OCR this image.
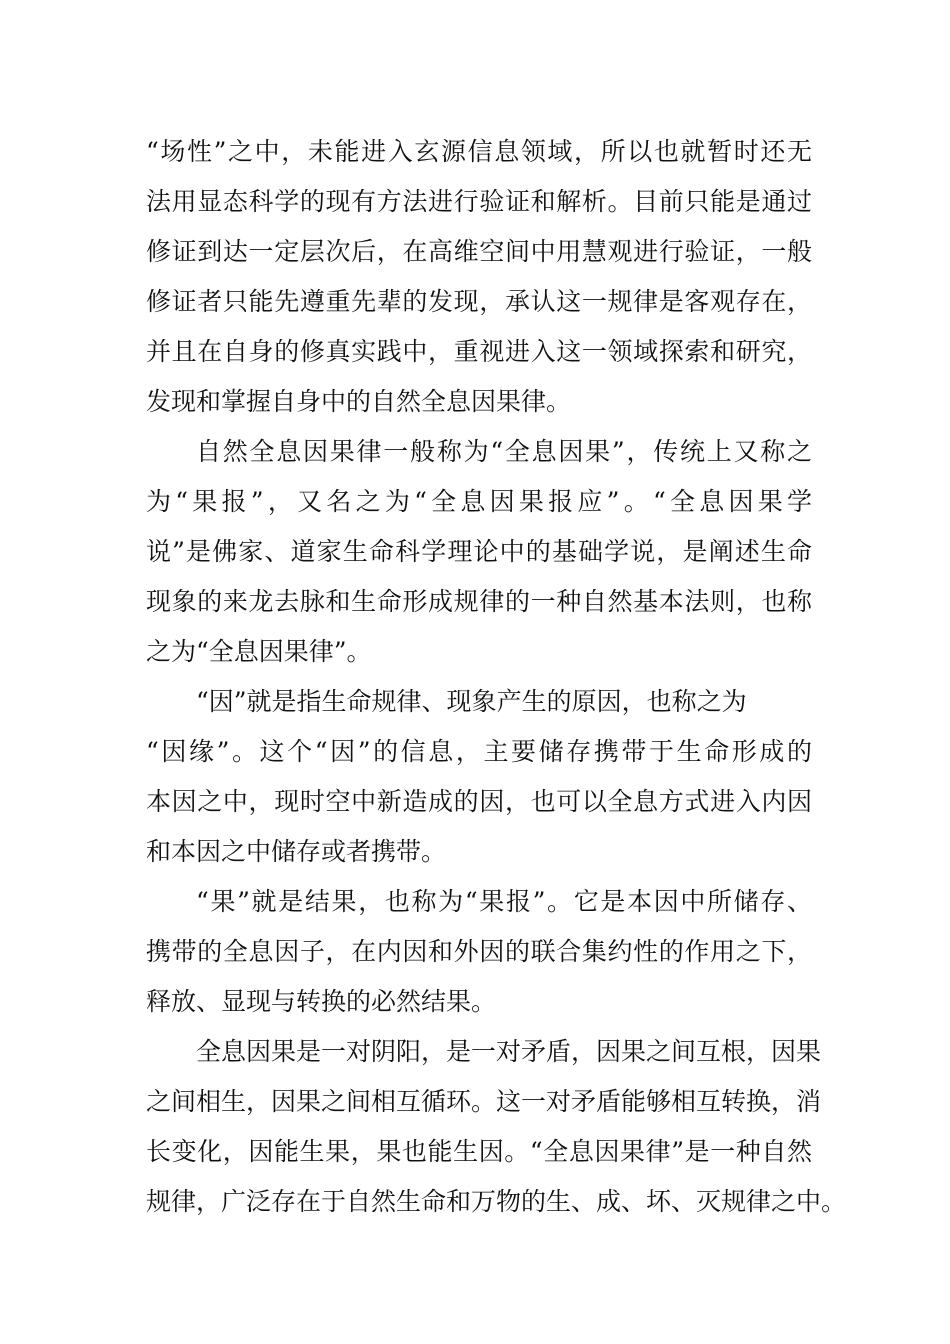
“场性”之中，未能进入玄源信息领域，所以也就暂时还无
法用显态科学的现有方法进行验证和解析。目前只能是通过
修证到达一定层次后，在高维空间中用慧观进行验证，一般
修证者只能先遵重先辈的发现，承认这一规律是客观存在，
并且在自身的修真实践中，重视进入这一领域探索和研究，
发现和掌握自身中的自然全息因果律。
自然全息因果律一般称为“全息因果”，传统上又称之
为“果报”，又名之为“全息因果报应”。“全息因果学
说”是佛家、道家生命科学理论中的基础学说，是阐述生命
现象的来龙去脉和生命形成规律的一种自然基本法则，也称
之为“全息因果律”。
“因”就是指生命规律、现象产生的原因，也称之为
“因缘”。这个“因”的信息，主要储存携带于生命形成的
本因之中，现时空中新造成的因，也可以全息方式进入内因
和本因之中储存或者携带。
“果”就是结果，也称为“果报”。它是本因中所储存、
携带的全息因子，在内因和外因的联合集约性的作用之下，
释放、显现与转换的必然结果。
全息因果是一对阴阳，是一对矛盾，因果之间互根，因果
之间相生，因果之间相互循环。这一对矛盾能够相互转换，消
长变化，因能生果，果也能生因。“全息因果律”是一种自然
规律，广泛存在于自然生命和万物的生、成、坏、灭规律之中。
